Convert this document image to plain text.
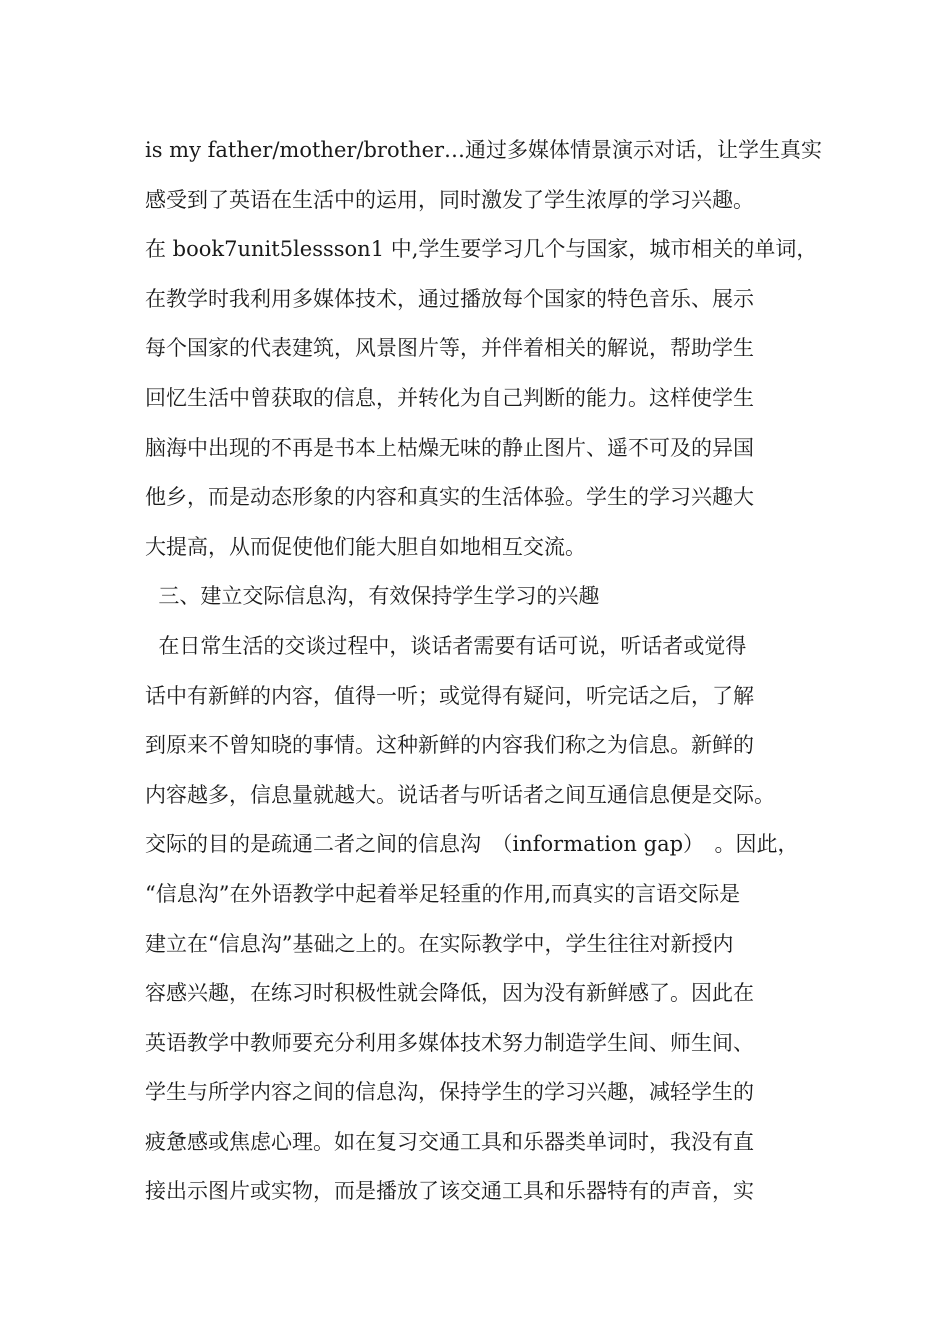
is my father/mother/brother…通过多媒体情景演示对话，让学生真实
感受到了英语在生活中的运用，同时激发了学生浓厚的学习兴趣。
在 book7unit5lessson1 中,学生要学习几个与国家，城市相关的单词，
在教学时我利用多媒体技术，通过播放每个国家的特色音乐、展示
每个国家的代表建筑，风景图片等，并伴着相关的解说，帮助学生
回忆生活中曾获取的信息，并转化为自己判断的能力。这样使学生
脑海中出现的不再是书本上枯燥无味的静止图片、遥不可及的异国
他乡，而是动态形象的内容和真实的生活体验。学生的学习兴趣大
大提高，从而促使他们能大胆自如地相互交流。
三、建立交际信息沟，有效保持学生学习的兴趣
在日常生活的交谈过程中，谈话者需要有话可说，听话者或觉得
话中有新鲜的内容，值得一听；或觉得有疑问，听完话之后，了解
到原来不曾知晓的事情。这种新鲜的内容我们称之为信息。新鲜的
内容越多，信息量就越大。说话者与听话者之间互通信息便是交际。
交际的目的是疏通二者之间的信息沟　（information gap）　。因此，
“信息沟”在外语教学中起着举足轻重的作用,而真实的言语交际是
建立在“信息沟”基础之上的。在实际教学中，学生往往对新授内
容感兴趣，在练习时积极性就会降低，因为没有新鲜感了。因此在
英语教学中教师要充分利用多媒体技术努力制造学生间、师生间、
学生与所学内容之间的信息沟，保持学生的学习兴趣，减轻学生的
疲惫感或焦虑心理。如在复习交通工具和乐器类单词时，我没有直
接出示图片或实物，而是播放了该交通工具和乐器特有的声音，实
